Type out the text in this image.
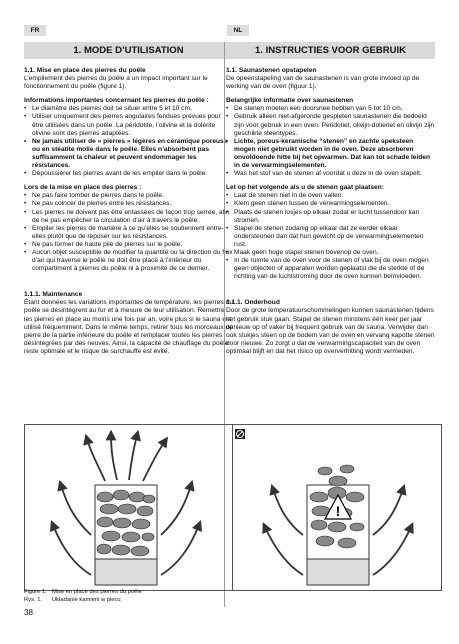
FR	NL
1. MODE D’UTILISATION

1.1. Mise en place des pierres du poêle

L’empilement des pierres du poêle a un impact important sur le fonctionnement du poêle (figure 1).

Informations importantes concernant les pierres du poêle :

• Le diamètre des pierres doit se situer entre 5 et 10 cm.
• Utiliser uniquement des pierres angulaires fendues prévues pour être utilisées dans un poêle. La péridotite, l’olivine et la dolérite olivine sont des pierres adaptées.
• Ne jamais utiliser de « pierres » légères en céramique poreuse ou en stéatite molle dans le poêle. Elles n’absorbent pas suffisamment la chaleur et peuvent endommager les résistances.
• Dépoussiérer les pierres avant de les empiler dans le poêle.

Lors de la mise en place des pierres :

• Ne pas faire tomber de pierres dans le poêle.
• Ne pas coincer de pierres entre les résistances.
• Les pierres ne doivent pas être entassées de façon trop serrée, afin de ne pas empêcher la circulation d’air à travers le poêle.
• Empiler les pierres de manière à ce qu’elles se soutiennent entre-elles plutôt que de reposer sur les résistances.
• Ne pas former de haute pile de pierres sur le poêle.
• Aucun objet susceptible de modifier la quantité ou la direction du flux d’air qui traverse le poêle ne doit être placé à l’intérieur du compartiment à pierres du poêle ni à proximité de ce dernier.

1.1.1. Maintenance

Étant données les variations importantes de température, les pierres du poêle se désintègrent au fur et à mesure de leur utilisation. Remettre les pierres en place au moins une fois par an, voire plus si le sauna est utilisé fréquemment. Dans le même temps, retirer tous les morceaux de pierre de la partie inférieure du poêle et remplacer toutes les pierres désintégrées par des neuves. Ainsi, la capacité de chauffage du poêle reste optimale et le risque de surchauffe est évité.

1. INSTRUCTIES VOOR GEBRUIK

1.1. Saunastenen opstapelen

De opeenstapeling van de saunastenen is van grote invloed op de werking van de oven (figuur 1).

Belangrijke informatie over saunastenen

• De stenen moeten een doorsnee hebben van 5 tot 10 cm.
• Gebruik alleen niet-afgeronde gespleten saunastenen die bedoeld zijn voor gebruik in een oven. Peridotiet, olivijn-dolieriet en olivijn zijn geschikte steentypes.
• Lichte, poreus-keramische “stenen” en zachte speksteen mogen niet gebruikt worden in de oven. Deze absorberen onvoldoende hitte bij het opwarmen. Dat kan tot schade leiden in de verwarmingselementen.
• Was het stof van de stenen af voordat u deze in de oven stapelt.

Let op het volgende als u de stenen gaat plaatsen:

• Laat de stenen niet in de oven vallen.
• Klem geen stenen tussen de verwarmingselementen.
• Plaats de stenen losjes op elkaar zodat er lucht tussendoor kan stromen.
• Stapel de stenen zodanig op elkaar dat ze eerder elkaar ondersteunen dan dat hun gewicht op de verwarmingselementen rust.
• Maak geen hoge stapel stenen bovenop de oven.
• In de ruimte van de oven voor de stenen of vlak bij de oven mogen geen objecten of apparaten worden geplaatst die de sterkte of de richting van de luchtstroming door de oven kunnen beïnvloeden.

1.1.1. Onderhoud

Door de grote temperatuurschommelingen kunnen saunastenen tijdens het gebruik stuk gaan. Stapel de stenen minstens één keer per jaar opnieuw op of vaker bij frequent gebruik van de sauna. Verwijder dan ook stukjes steen op de bodem van de oven en vervang kapotte stenen door nieuwe. Zo zorgt u dat de verwarmingscapaciteit van de oven optimaal blijft en dat het risico op oververhitting wordt vermeden.

!
Figure 1. Mise en place des pierres du poêle
Rys. 1. Układanie kamieni w piecu
38
